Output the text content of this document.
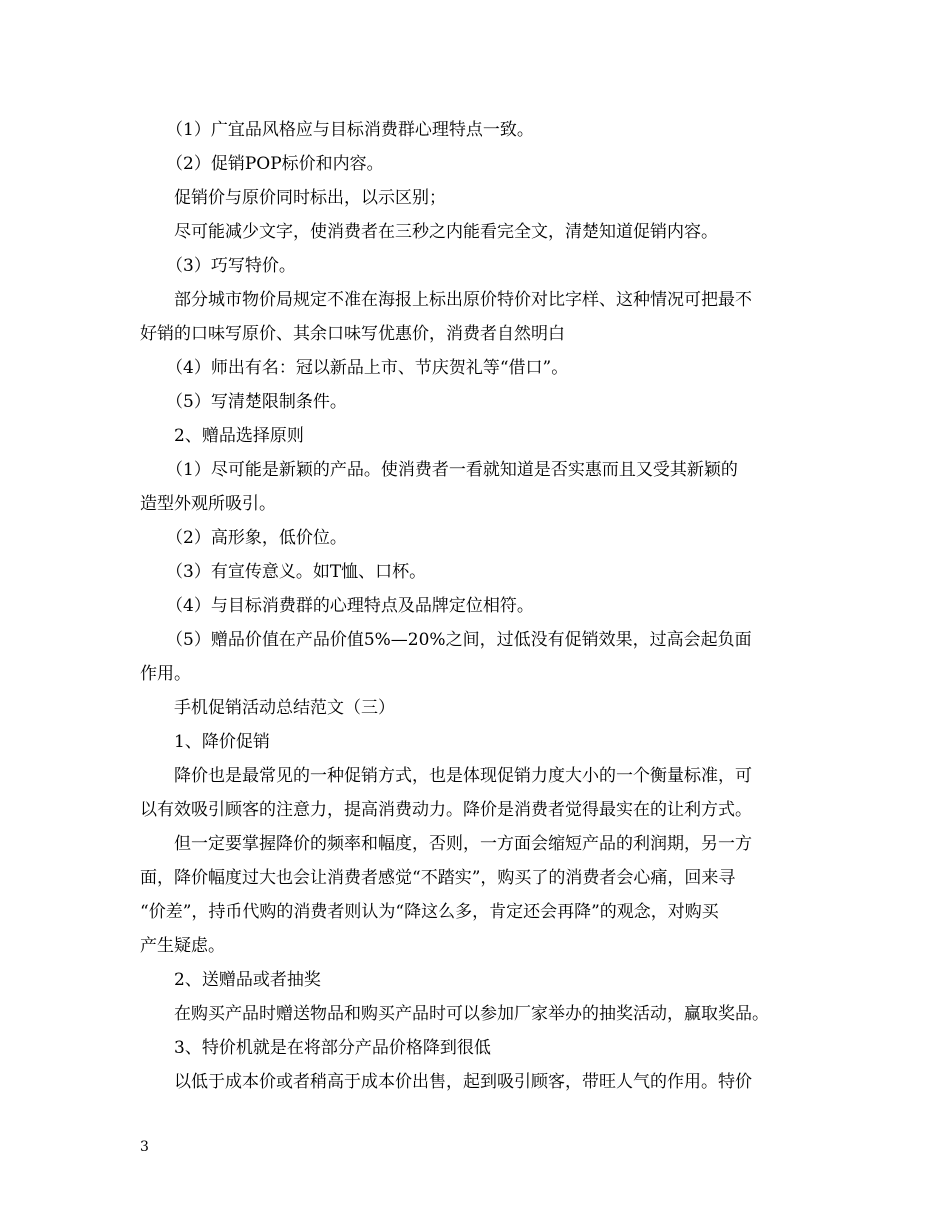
（1）广宜品风格应与目标消费群心理特点一致。
（2）促销POP标价和内容。
促销价与原价同时标出，以示区别；
尽可能减少文字，使消费者在三秒之内能看完全文，清楚知道促销内容。
（3）巧写特价。
部分城市物价局规定不准在海报上标出原价特价对比字样、这种情况可把最不
好销的口味写原价、其余口味写优惠价，消费者自然明白
（4）师出有名：冠以新品上市、节庆贺礼等“借口”。
（5）写清楚限制条件。
2、赠品选择原则
（1）尽可能是新颖的产品。使消费者一看就知道是否实惠而且又受其新颖的
造型外观所吸引。
（2）高形象，低价位。
（3）有宣传意义。如T恤、口杯。
（4）与目标消费群的心理特点及品牌定位相符。
（5）赠品价值在产品价值5%—20%之间，过低没有促销效果，过高会起负面
作用。
手机促销活动总结范文（三）
1、降价促销
降价也是最常见的一种促销方式，也是体现促销力度大小的一个衡量标准，可
以有效吸引顾客的注意力，提高消费动力。降价是消费者觉得最实在的让利方式。
但一定要掌握降价的频率和幅度，否则，一方面会缩短产品的利润期，另一方
面，降价幅度过大也会让消费者感觉“不踏实”，购买了的消费者会心痛，回来寻
“价差”，持币代购的消费者则认为“降这么多，肯定还会再降”的观念，对购买
产生疑虑。
2、送赠品或者抽奖
在购买产品时赠送物品和购买产品时可以参加厂家举办的抽奖活动，赢取奖品。
3、特价机就是在将部分产品价格降到很低
以低于成本价或者稍高于成本价出售，起到吸引顾客，带旺人气的作用。特价
3
